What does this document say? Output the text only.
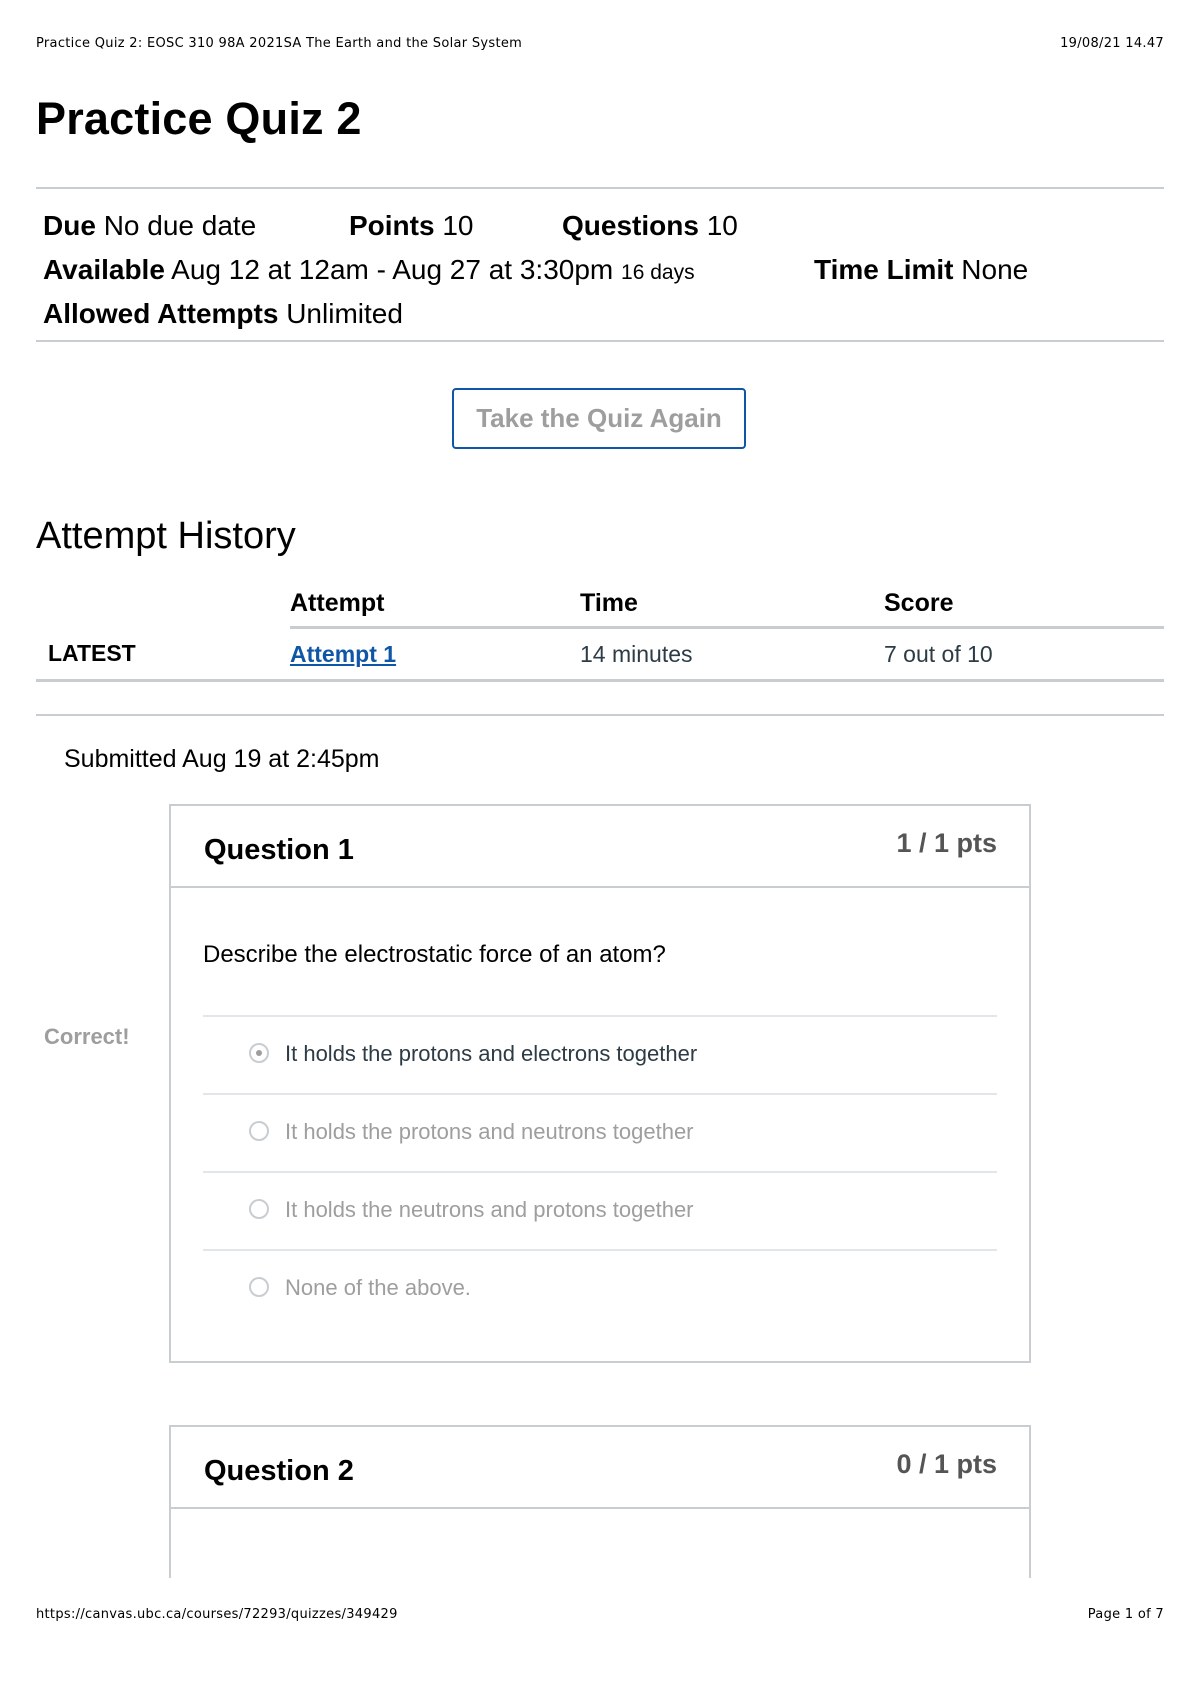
Practice Quiz 2: EOSC 310 98A 2021SA The Earth and the Solar System	19/08/21 14.47
Practice Quiz 2
Due No due date	Points 10	Questions 10
Available Aug 12 at 12am - Aug 27 at 3:30pm 16 days	Time Limit None
Allowed Attempts Unlimited
Take the Quiz Again
Attempt History
	Attempt	Time	Score
LATEST	Attempt 1	14 minutes	7 out of 10
Submitted Aug 19 at 2:45pm
Correct!
Question 1	1 / 1 pts
Describe the electrostatic force of an atom?
It holds the protons and electrons together
It holds the protons and neutrons together
It holds the neutrons and protons together
None of the above.
Question 2	0 / 1 pts
https://canvas.ubc.ca/courses/72293/quizzes/349429	Page 1 of 7
